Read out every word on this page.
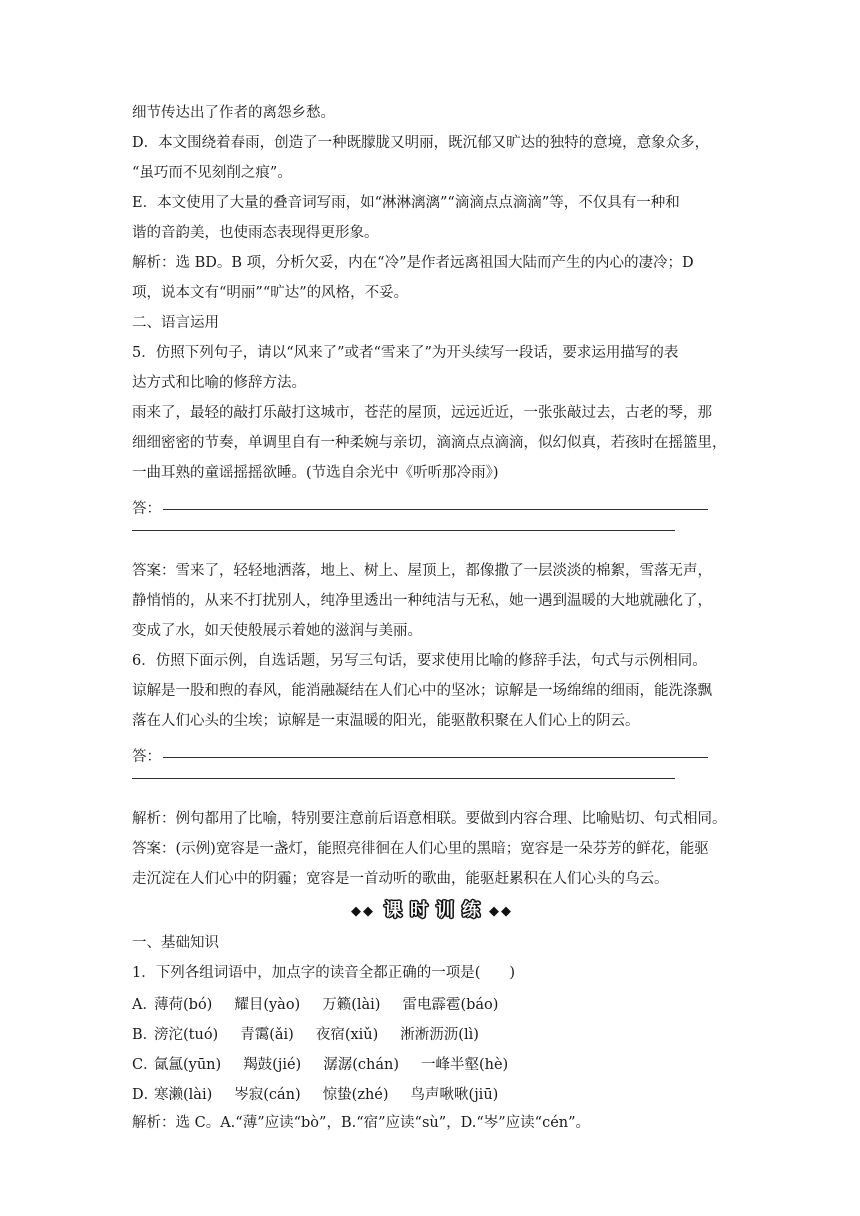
细节传达出了作者的离怨乡愁。

D．本文围绕着春雨，创造了一种既朦胧又明丽，既沉郁又旷达的独特的意境，意象众多，

“虽巧而不见刻削之痕”。

E．本文使用了大量的叠音词写雨，如“淋淋漓漓”“滴滴点点滴滴”等，不仅具有一种和

谐的音韵美，也使雨态表现得更形象。

解析：选 BD。B 项，分析欠妥，内在“冷”是作者远离祖国大陆而产生的内心的凄冷；D

项，说本文有“明丽”“旷达”的风格，不妥。

二、语言运用

5．仿照下列句子，请以“风来了”或者“雪来了”为开头续写一段话，要求运用描写的表

达方式和比喻的修辞方法。

雨来了，最轻的敲打乐敲打这城市，苍茫的屋顶，远远近近，一张张敲过去，古老的琴，那

细细密密的节奏，单调里自有一种柔婉与亲切，滴滴点点滴滴，似幻似真，若孩时在摇篮里，

一曲耳熟的童谣摇摇欲睡。(节选自余光中《听听那冷雨》)

答：

答案：雪来了，轻轻地洒落，地上、树上、屋顶上，都像撒了一层淡淡的棉絮，雪落无声，

静悄悄的，从来不打扰别人，纯净里透出一种纯洁与无私，她一遇到温暖的大地就融化了，

变成了水，如天使般展示着她的滋润与美丽。

6．仿照下面示例，自选话题，另写三句话，要求使用比喻的修辞手法，句式与示例相同。

谅解是一股和煦的春风，能消融凝结在人们心中的坚冰；谅解是一场绵绵的细雨，能洗涤飘

落在人们心头的尘埃；谅解是一束温暖的阳光，能驱散积聚在人们心上的阴云。

答：

解析：例句都用了比喻，特别要注意前后语意相联。要做到内容合理、比喻贴切、句式相同。

答案：(示例)宽容是一盏灯，能照亮徘徊在人们心里的黑暗；宽容是一朵芬芳的鲜花，能驱

走沉淀在人们心中的阴霾；宽容是一首动听的歌曲，能驱赶累积在人们心头的乌云。

◆◆ 课 时 训 练 ◆◆

一、基础知识

1．下列各组词语中，加点字的读音全都正确的一项是(　　)

A．
薄荷(bó) 耀目(yào) 万籁(lài) 雷电霹雹(báo)
B．
滂沱(tuó) 青霭(ǎi) 夜宿(xiǔ) 淅淅沥沥(lì)
C．
氤氲(yūn) 羯鼓(jié) 潺潺(chán) 一峰半壑(hè)
D．
寒濑(lài) 岑寂(cán) 惊蛰(zhé) 鸟声啾啾(jiū)

解析：选 C。A.“薄”应读“bò”，B.“宿”应读“sù”，D.“岑”应读“cén”。
